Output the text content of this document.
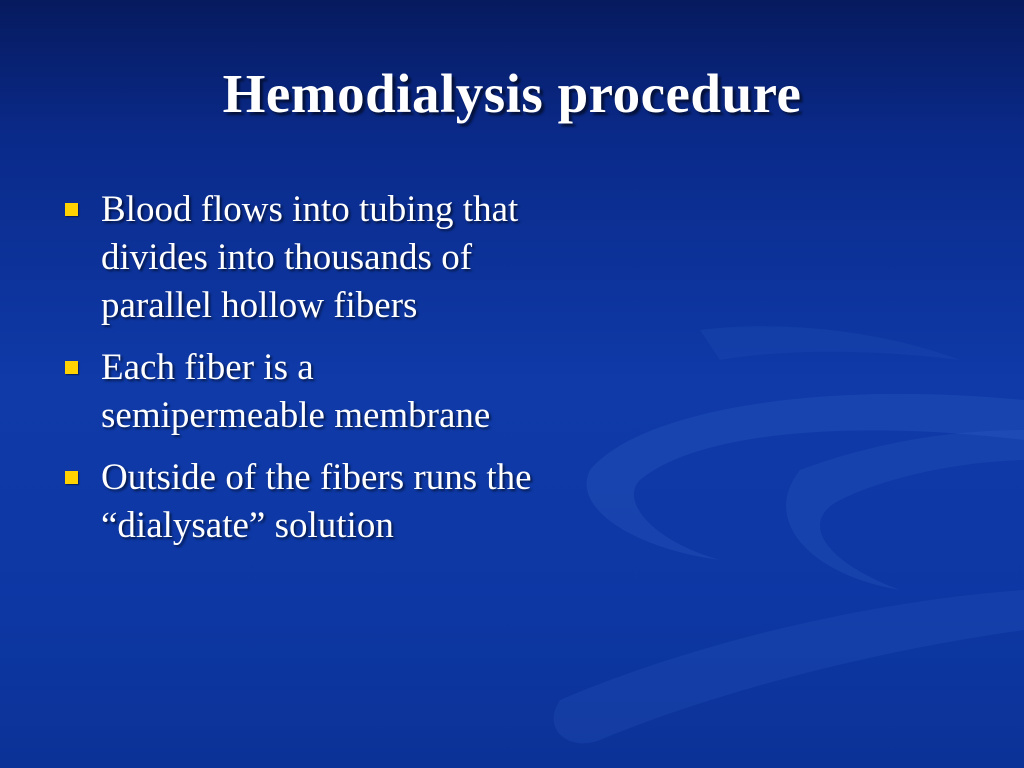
Hemodialysis procedure
Blood flows into tubing that divides into thousands of parallel hollow fibers
Each fiber is a semipermeable membrane
Outside of the fibers runs the “dialysate” solution
